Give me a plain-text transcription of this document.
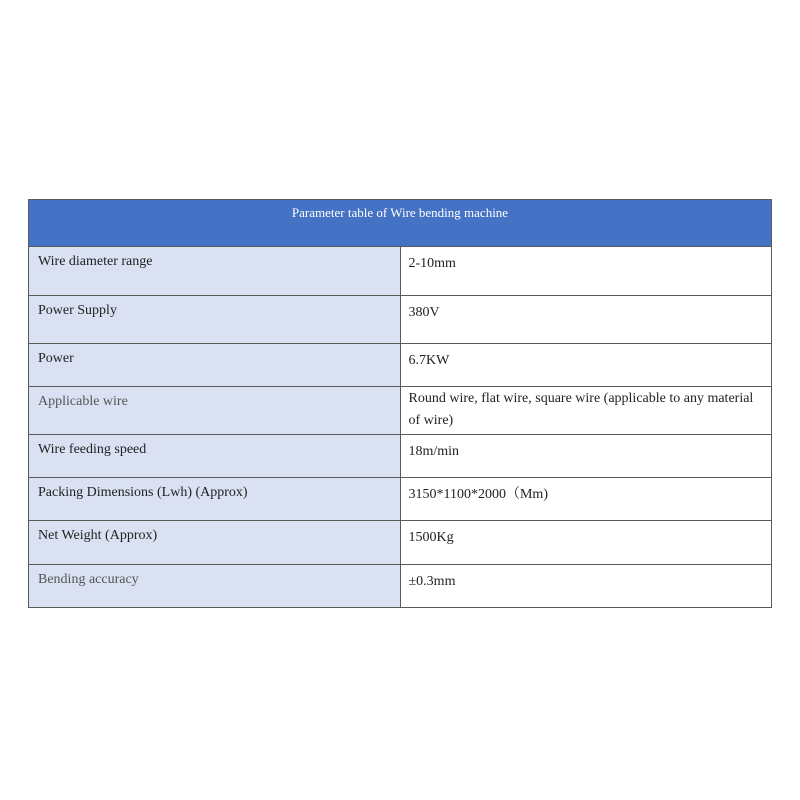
Parameter table of Wire bending machine	
Wire diameter range	2-10mm
Power Supply	380V
Power	6.7KW
Applicable wire	Round wire, flat wire, square wire (applicable to any material of wire)
Wire feeding speed	18m/min
Packing Dimensions (Lwh) (Approx)	3150*1100*2000（Mm)
Net Weight (Approx)	1500Kg
Bending accuracy	±0.3mm
